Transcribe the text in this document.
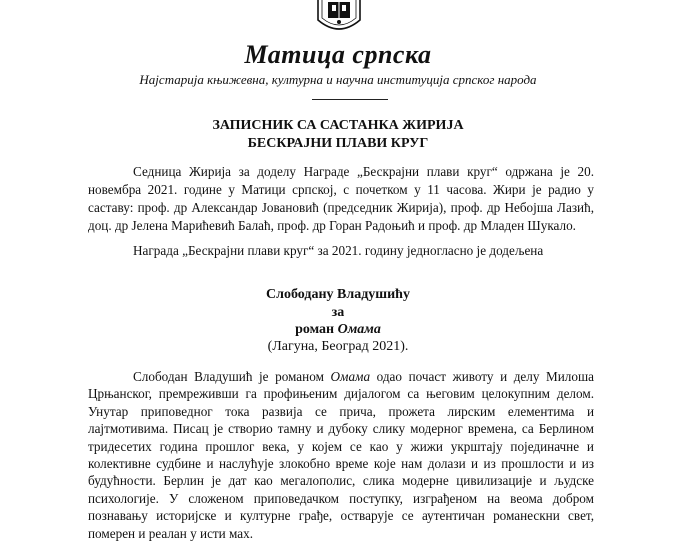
Матица српска
Најстарија књижевна, културна и научна институција српског народа
ЗАПИСНИК СА САСТАНКА ЖИРИЈА
БЕСКРАЈНИ ПЛАВИ КРУГ
Седница Жирија за доделу Награде „Бескрајни плави круг“ одржана је 20. новембра 2021. године у Матици српској, с почетком у 11 часова. Жири је радио у саставу: проф. др Александар Јовановић (председник Жирија), проф. др Небојша Лазић, доц. др Јелена Марићевић Балаћ, проф. др Горан Радоњић и проф. др Младен Шукало.
Награда „Бескрајни плави круг“ за 2021. годину једногласно је додељена
Слободану Владушићу
за
роман Омама
(Лагуна, Београд 2021).
Слободан Владушић је романом Омама одао почаст животу и делу Милоша Црњанског, премреживши га профињеним дијалогом са његовим целокупним делом. Унутар приповедног тока развија се прича, прожета лирским елементима и лајтмотивима. Писац је створио тамну и дубоку слику модерног времена, са Берлином тридесетих година прошлог века, у којем се као у жижи укрштају појединачне и колективне судбине и наслућује злокобно време које нам долази и из прошлости и из будућности. Берлин је дат као мегалополис, слика модерне цивилизације и људске психологије. У сложеном приповедачком поступку, изграђеном на веома добром познавању историјске и културне грађе, остварује се аутентичан романескни свет, померен и реалан у исти мах.
